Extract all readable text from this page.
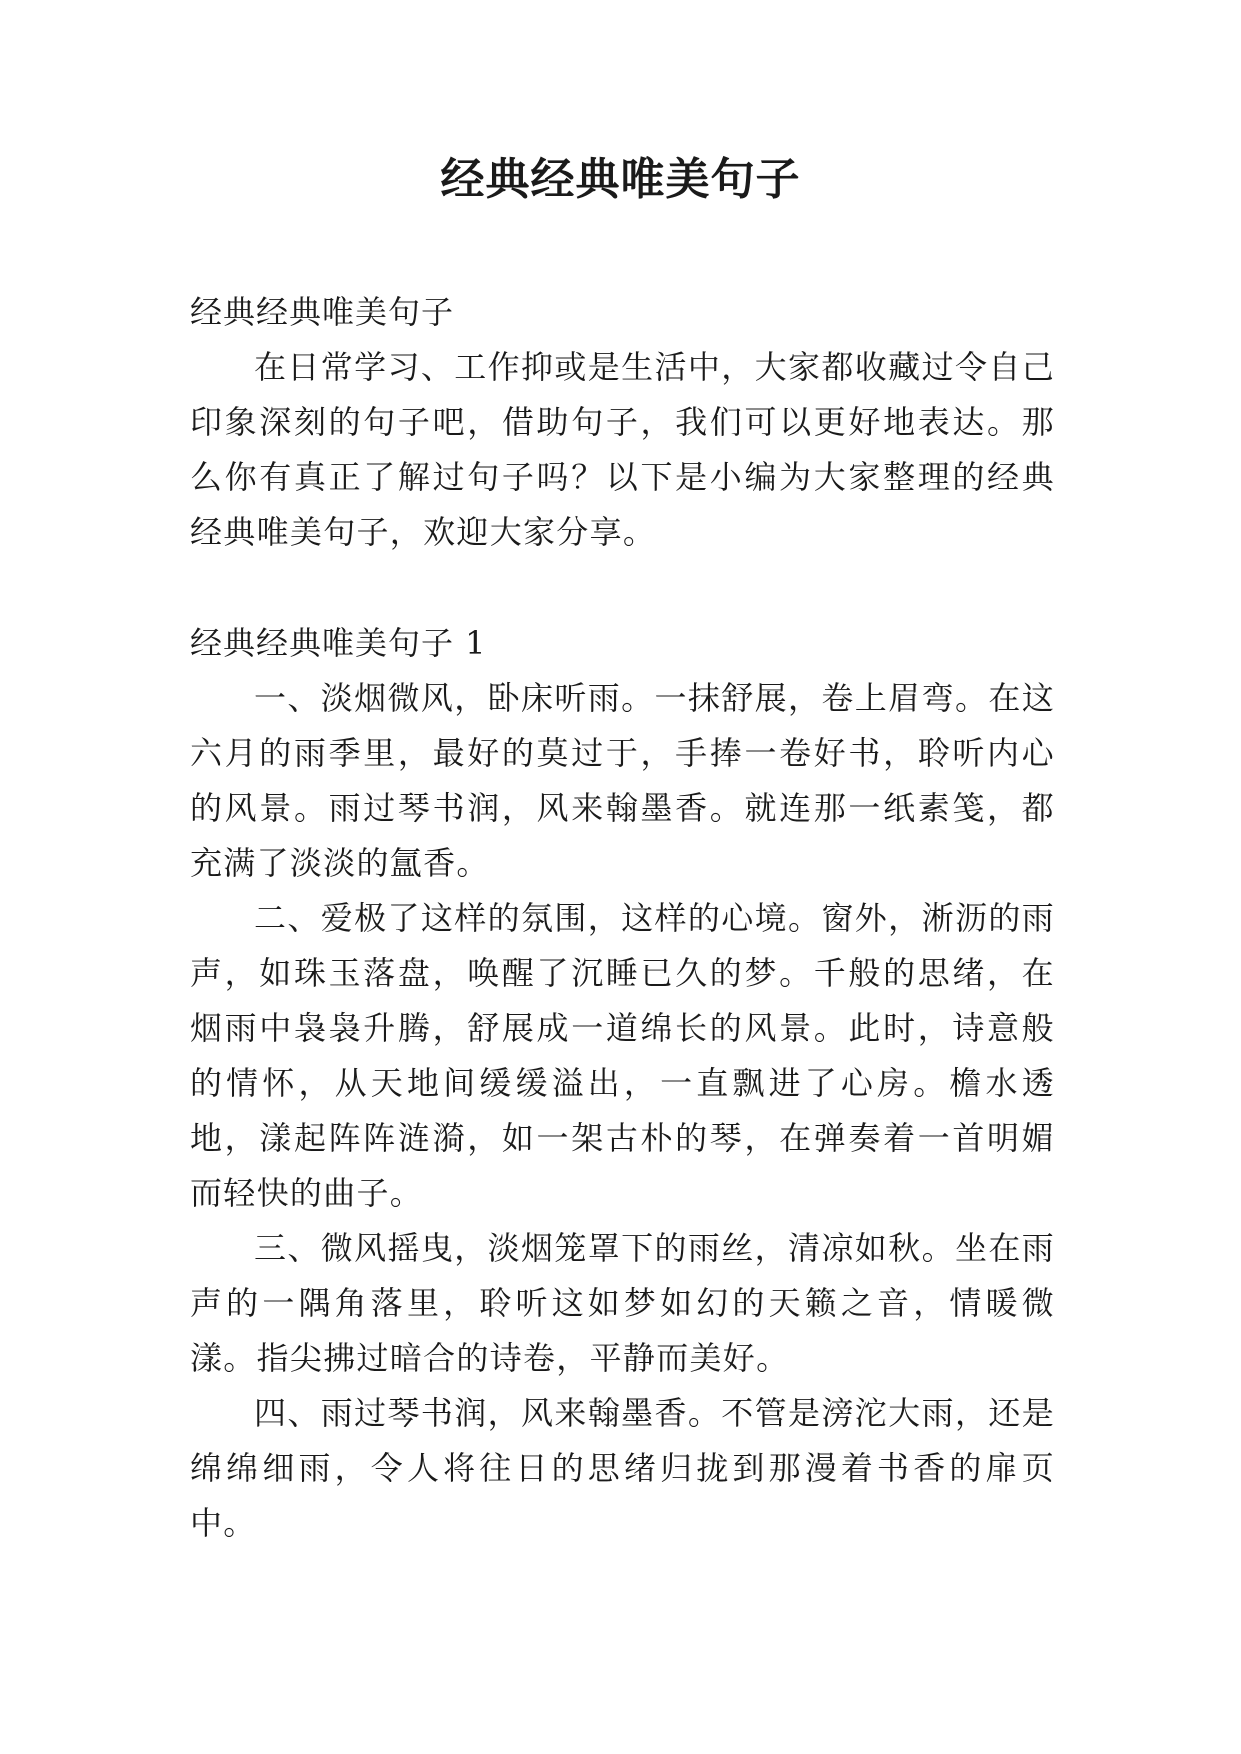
经典经典唯美句子

经典经典唯美句子

在日常学习、工作抑或是生活中，大家都收藏过令自己印象深刻的句子吧，借助句子，我们可以更好地表达。那么你有真正了解过句子吗？以下是小编为大家整理的经典经典唯美句子，欢迎大家分享。

经典经典唯美句子 1

一、淡烟微风，卧床听雨。一抹舒展，卷上眉弯。在这六月的雨季里，最好的莫过于，手捧一卷好书，聆听内心的风景。雨过琴书润，风来翰墨香。就连那一纸素笺，都充满了淡淡的氲香。

二、爱极了这样的氛围，这样的心境。窗外，淅沥的雨声，如珠玉落盘，唤醒了沉睡已久的梦。千般的思绪，在烟雨中袅袅升腾，舒展成一道绵长的风景。此时，诗意般的情怀，从天地间缓缓溢出，一直飘进了心房。檐水透地，漾起阵阵涟漪，如一架古朴的琴，在弹奏着一首明媚而轻快的曲子。

三、微风摇曳，淡烟笼罩下的雨丝，清凉如秋。坐在雨声的一隅角落里，聆听这如梦如幻的天籁之音，情暖微漾。指尖拂过暗合的诗卷，平静而美好。

四、雨过琴书润，风来翰墨香。不管是滂沱大雨，还是绵绵细雨，令人将往日的思绪归拢到那漫着书香的扉页中。
